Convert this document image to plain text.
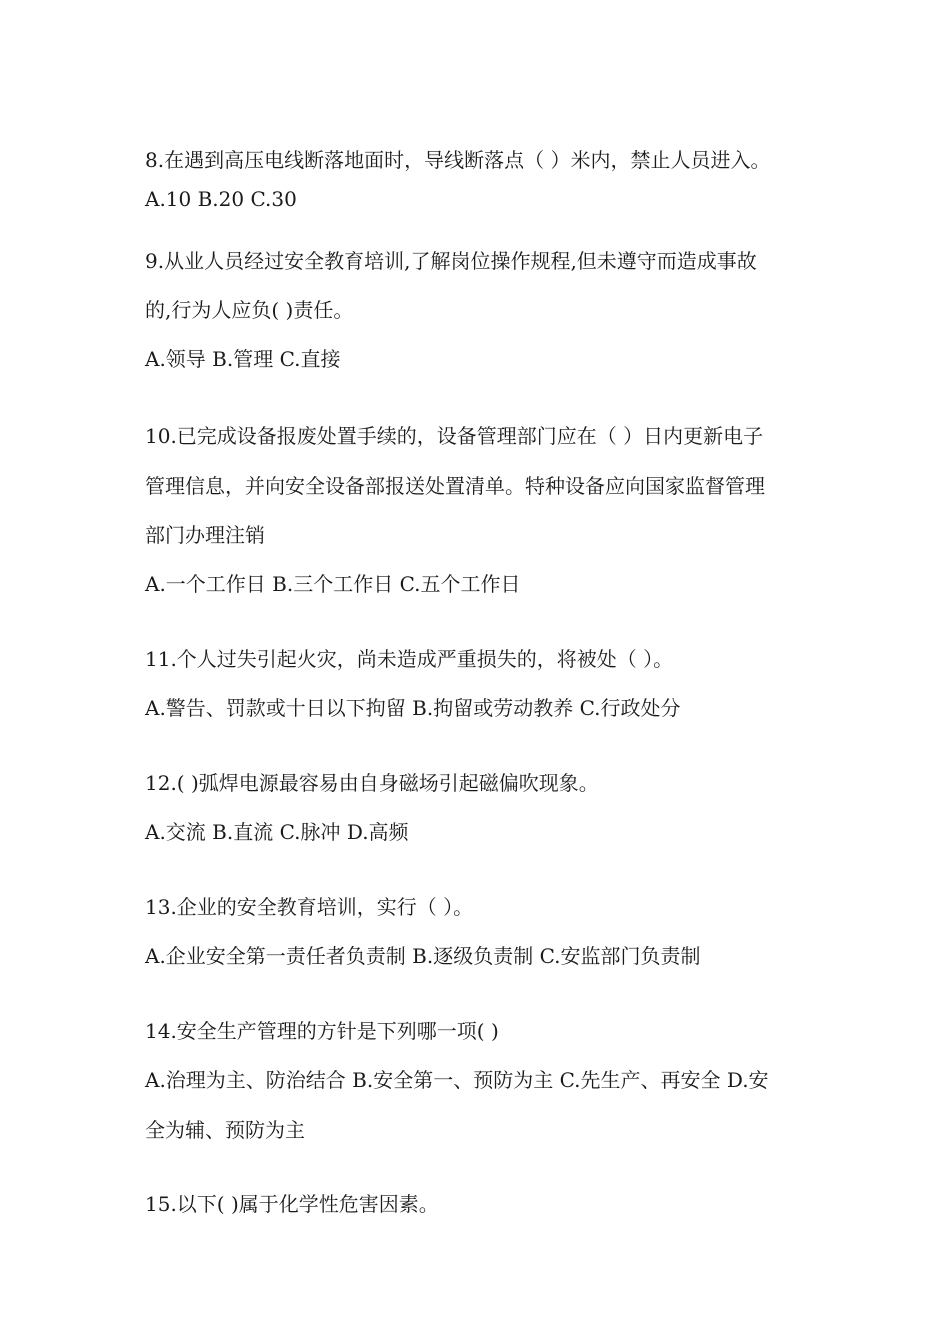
8.在遇到高压电线断落地面时，导线断落点（ ）米内，禁止人员进入。
A.10 B.20 C.30
9.从业人员经过安全教育培训,了解岗位操作规程,但未遵守而造成事故
的,行为人应负( )责任。
A.领导 B.管理 C.直接
10.已完成设备报废处置手续的，设备管理部门应在（ ）日内更新电子
管理信息，并向安全设备部报送处置清单。特种设备应向国家监督管理
部门办理注销
A.一个工作日 B.三个工作日 C.五个工作日
11.个人过失引起火灾，尚未造成严重损失的，将被处（ ）。
A.警告、罚款或十日以下拘留 B.拘留或劳动教养 C.行政处分
12.( )弧焊电源最容易由自身磁场引起磁偏吹现象。
A.交流 B.直流 C.脉冲 D.高频
13.企业的安全教育培训，实行（ ）。
A.企业安全第一责任者负责制 B.逐级负责制 C.安监部门负责制
14.安全生产管理的方针是下列哪一项( )
A.治理为主、防治结合 B.安全第一、预防为主 C.先生产、再安全 D.安
全为辅、预防为主
15.以下( )属于化学性危害因素。
